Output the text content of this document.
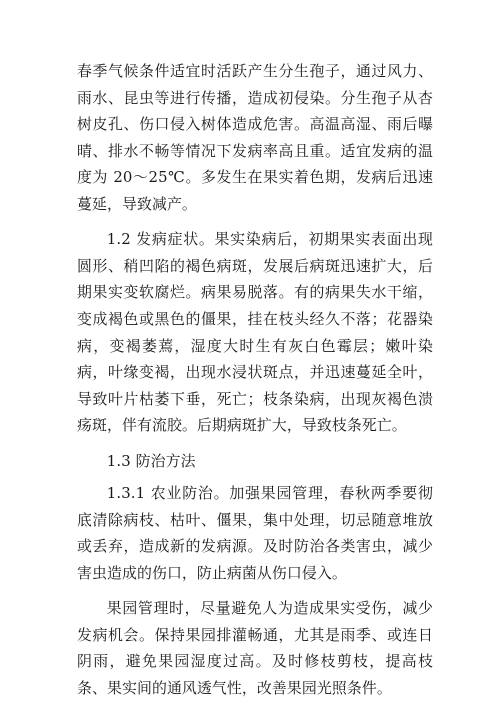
春季气候条件适宜时活跃产生分生孢子，通过风力、雨水、昆虫等进行传播，造成初侵染。分生孢子从杏树皮孔、伤口侵入树体造成危害。高温高湿、雨后曝晴、排水不畅等情况下发病率高且重。适宜发病的温度为 20～25℃。多发生在果实着色期，发病后迅速蔓延，导致减产。

1.2 发病症状。果实染病后，初期果实表面出现圆形、稍凹陷的褐色病斑，发展后病斑迅速扩大，后期果实变软腐烂。病果易脱落。有的病果失水干缩，变成褐色或黑色的僵果，挂在枝头经久不落；花器染病，变褐萎蔫，湿度大时生有灰白色霉层；嫩叶染病，叶缘变褐，出现水浸状斑点，并迅速蔓延全叶，导致叶片枯萎下垂，死亡；枝条染病，出现灰褐色溃疡斑，伴有流胶。后期病斑扩大，导致枝条死亡。

1.3 防治方法

1.3.1 农业防治。加强果园管理，春秋两季要彻底清除病枝、枯叶、僵果，集中处理，切忌随意堆放或丢弃，造成新的发病源。及时防治各类害虫，减少害虫造成的伤口，防止病菌从伤口侵入。

果园管理时，尽量避免人为造成果实受伤，减少发病机会。保持果园排灌畅通，尤其是雨季、或连日阴雨，避免果园湿度过高。及时修枝剪枝，提高枝条、果实间的通风透气性，改善果园光照条件。
